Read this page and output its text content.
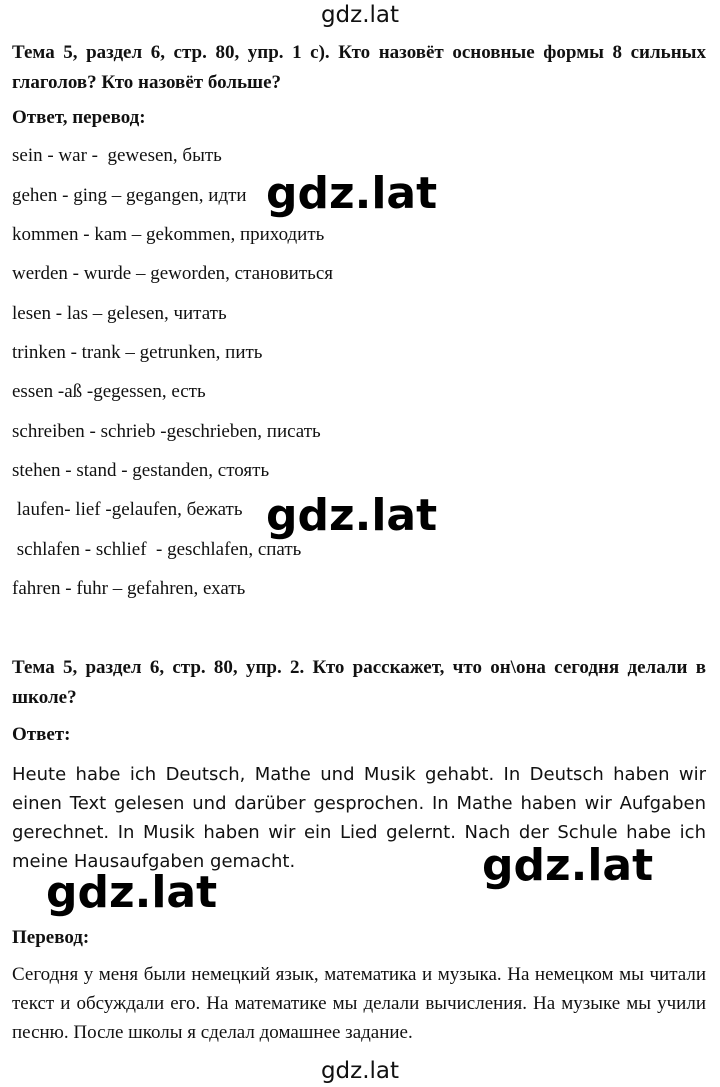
gdz.lat
Тема 5, раздел 6, стр. 80, упр. 1 с). Кто назовёт основные формы 8 сильных глаголов? Кто назовёт больше?
Ответ, перевод:
sein - war -  gewesen, быть
gehen - ging – gegangen, идти
kommen - kam – gekommen, приходить
werden - wurde – geworden, становиться
lesen - las – gelesen, читать
trinken - trank – getrunken, пить
essen -aß -gegessen, есть
schreiben - schrieb -geschrieben, писать
stehen - stand - gestanden, стоять
laufen- lief -gelaufen, бежать
schlafen - schlief  - geschlafen, спать
fahren - fuhr – gefahren, ехать
Тема 5, раздел 6, стр. 80, упр. 2. Кто расскажет, что он\она сегодня делали в школе?
Ответ:
Heute habe ich Deutsch, Mathe und Musik gehabt. In Deutsch haben wir einen Text gelesen und darüber gesprochen. In Mathe haben wir Aufgaben gerechnet. In Musik haben wir ein Lied gelernt. Nach der Schule habe ich meine Hausaufgaben gemacht.
Перевод:
Сегодня у меня были немецкий язык, математика и музыка. На немецком мы читали текст и обсуждали его. На математике мы делали вычисления. На музыке мы учили песню. После школы я сделал домашнее задание.
gdz.lat
gdz.lat
gdz.lat
gdz.lat
gdz.lat
